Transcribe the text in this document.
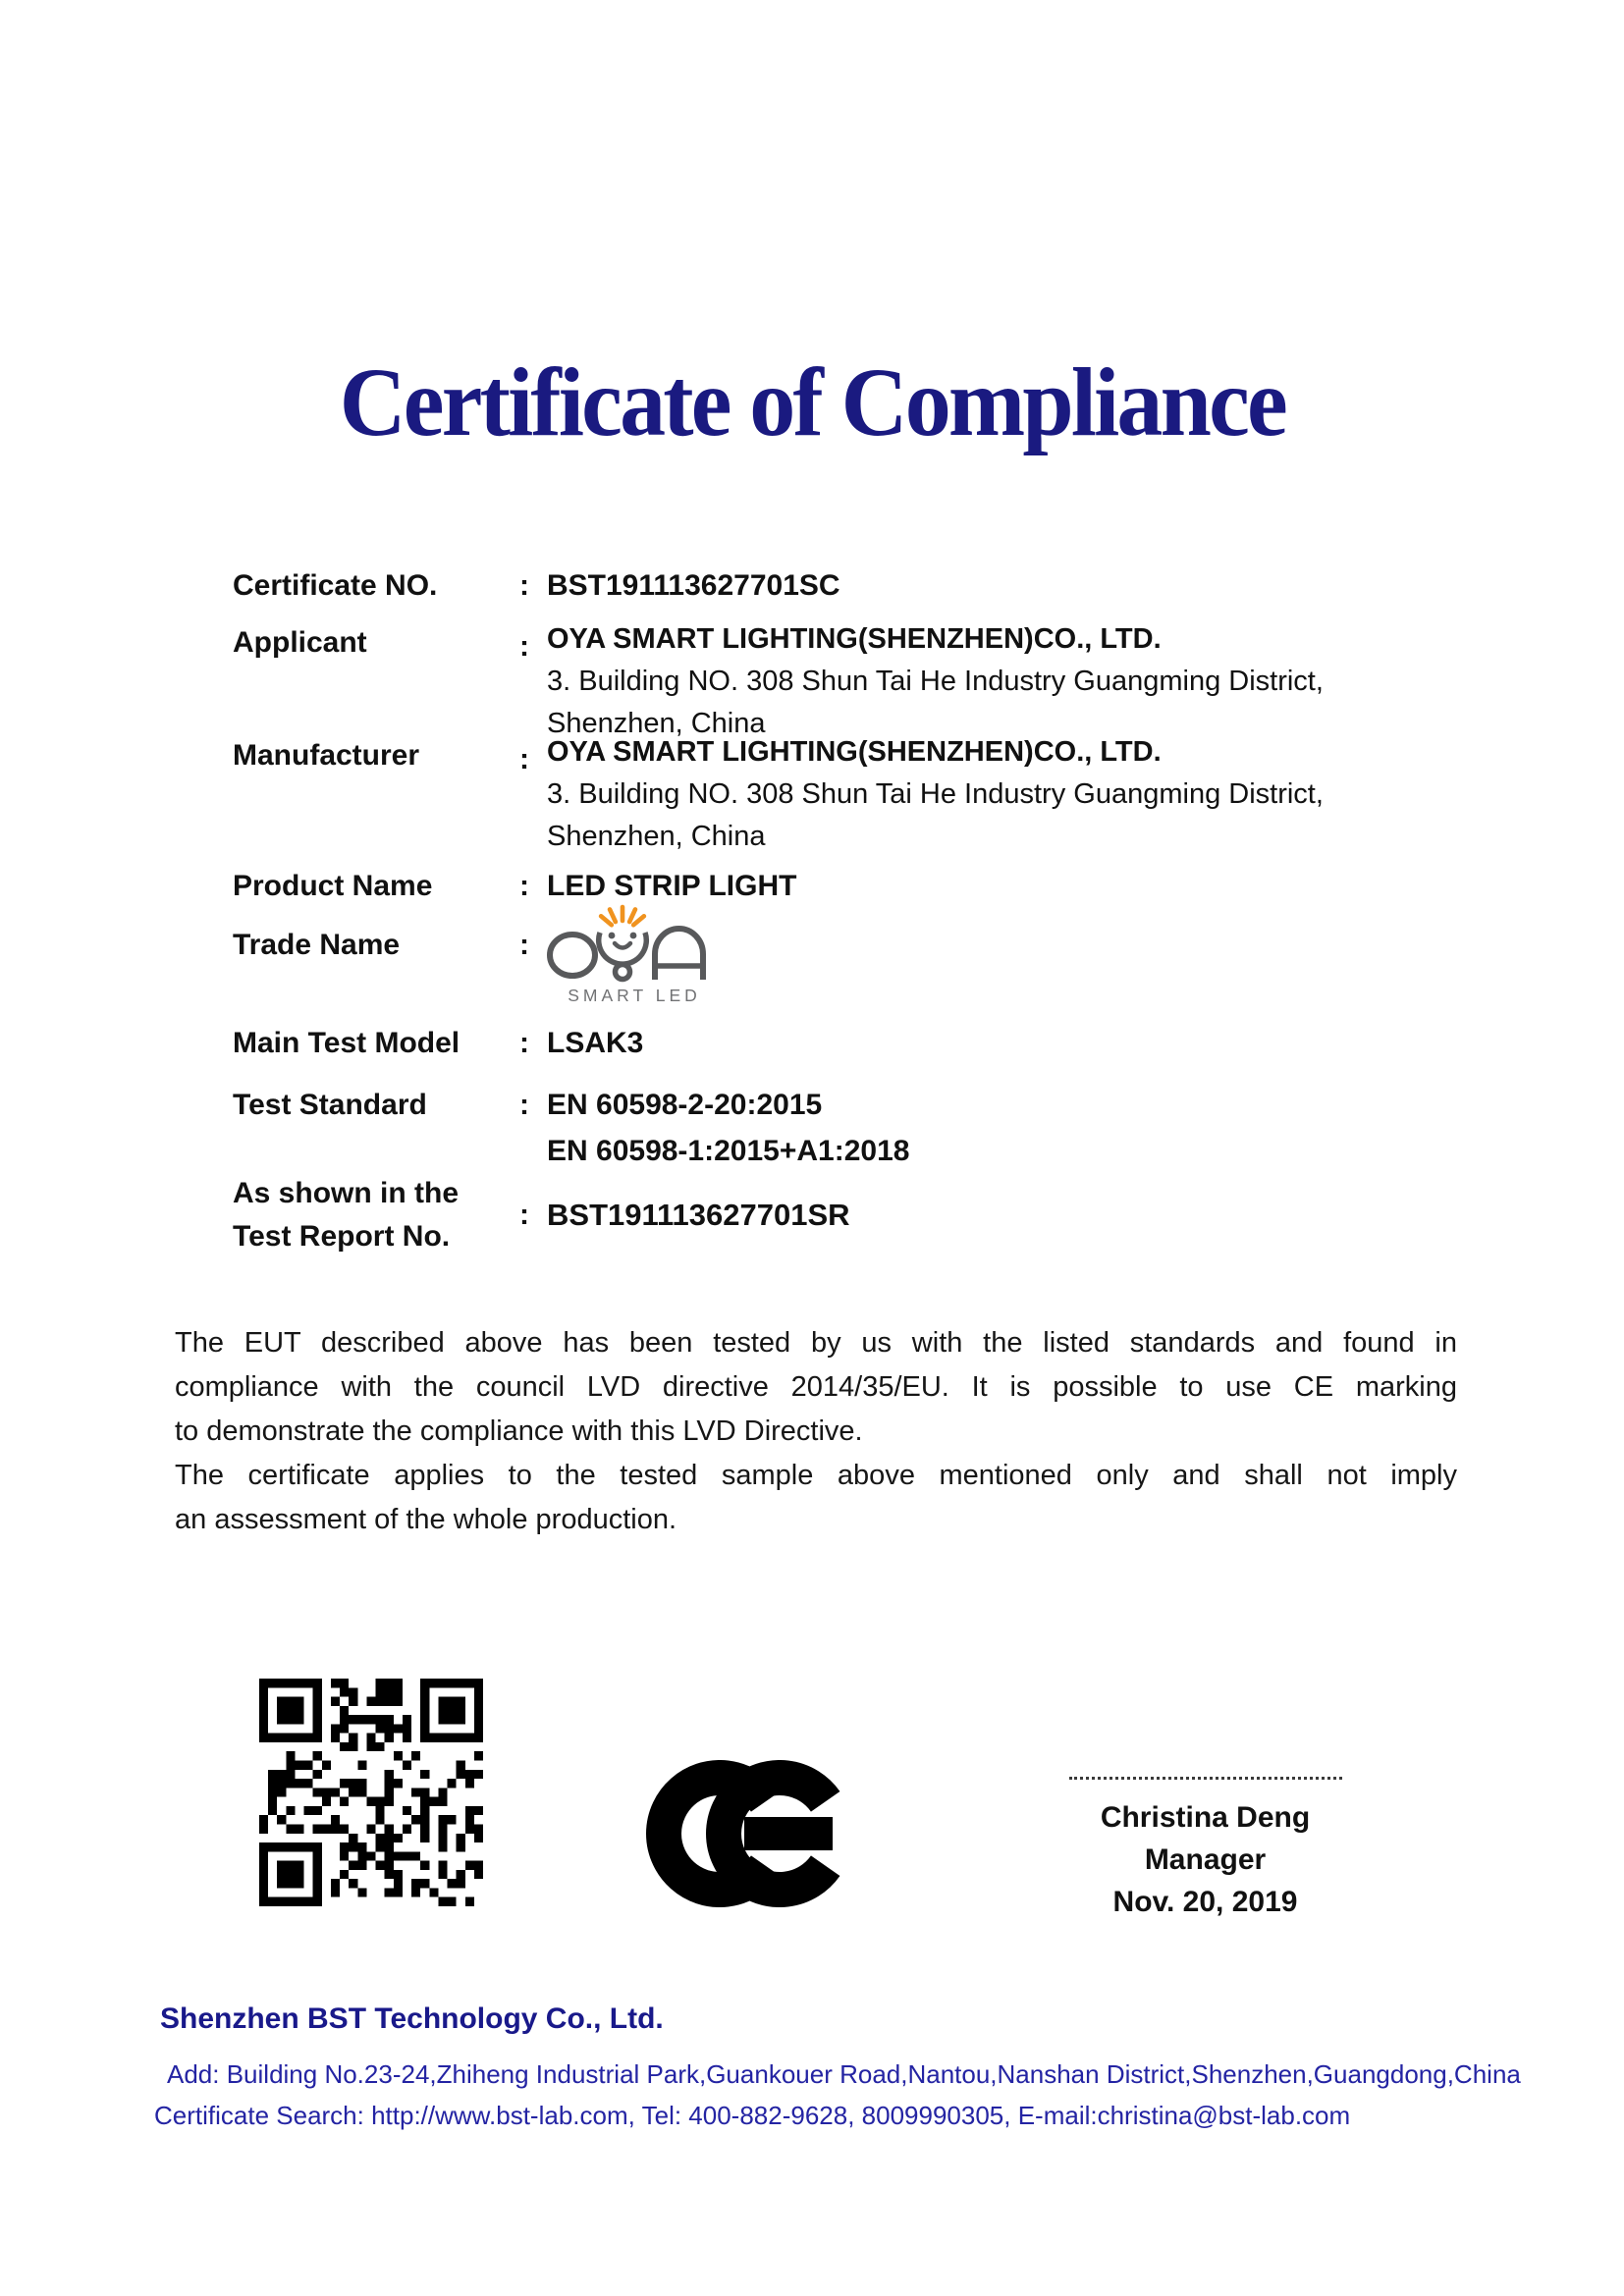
Certificate of Compliance
Certificate NO.	: BST191113627701SC
Applicant	: OYA SMART LIGHTING(SHENZHEN)CO., LTD.
3. Building NO. 308 Shun Tai He Industry Guangming District,
Shenzhen, China
Manufacturer	: OYA SMART LIGHTING(SHENZHEN)CO., LTD.
3. Building NO. 308 Shun Tai He Industry Guangming District,
Shenzhen, China
Product Name	: LED STRIP LIGHT
Trade Name	:
SMART LED
Main Test Model	: LSAK3
Test Standard	: EN 60598-2-20:2015
EN 60598-1:2015+A1:2018
As shown in the
Test Report No.
: BST191113627701SR
The EUT described above has been tested by us with the listed standards and found in
compliance with the council LVD directive 2014/35/EU. It is possible to use CE marking
to demonstrate the compliance with this LVD Directive.
The certificate applies to the tested sample above mentioned only and shall not imply
an assessment of the whole production.
Christina Deng
Manager
Nov. 20, 2019
Shenzhen BST Technology Co., Ltd.
Add: Building No.23-24,Zhiheng Industrial Park,Guankouer Road,Nantou,Nanshan District,Shenzhen,Guangdong,China
Certificate Search: http://www.bst-lab.com, Tel: 400-882-9628, 8009990305, E-mail:christina@bst-lab.com
